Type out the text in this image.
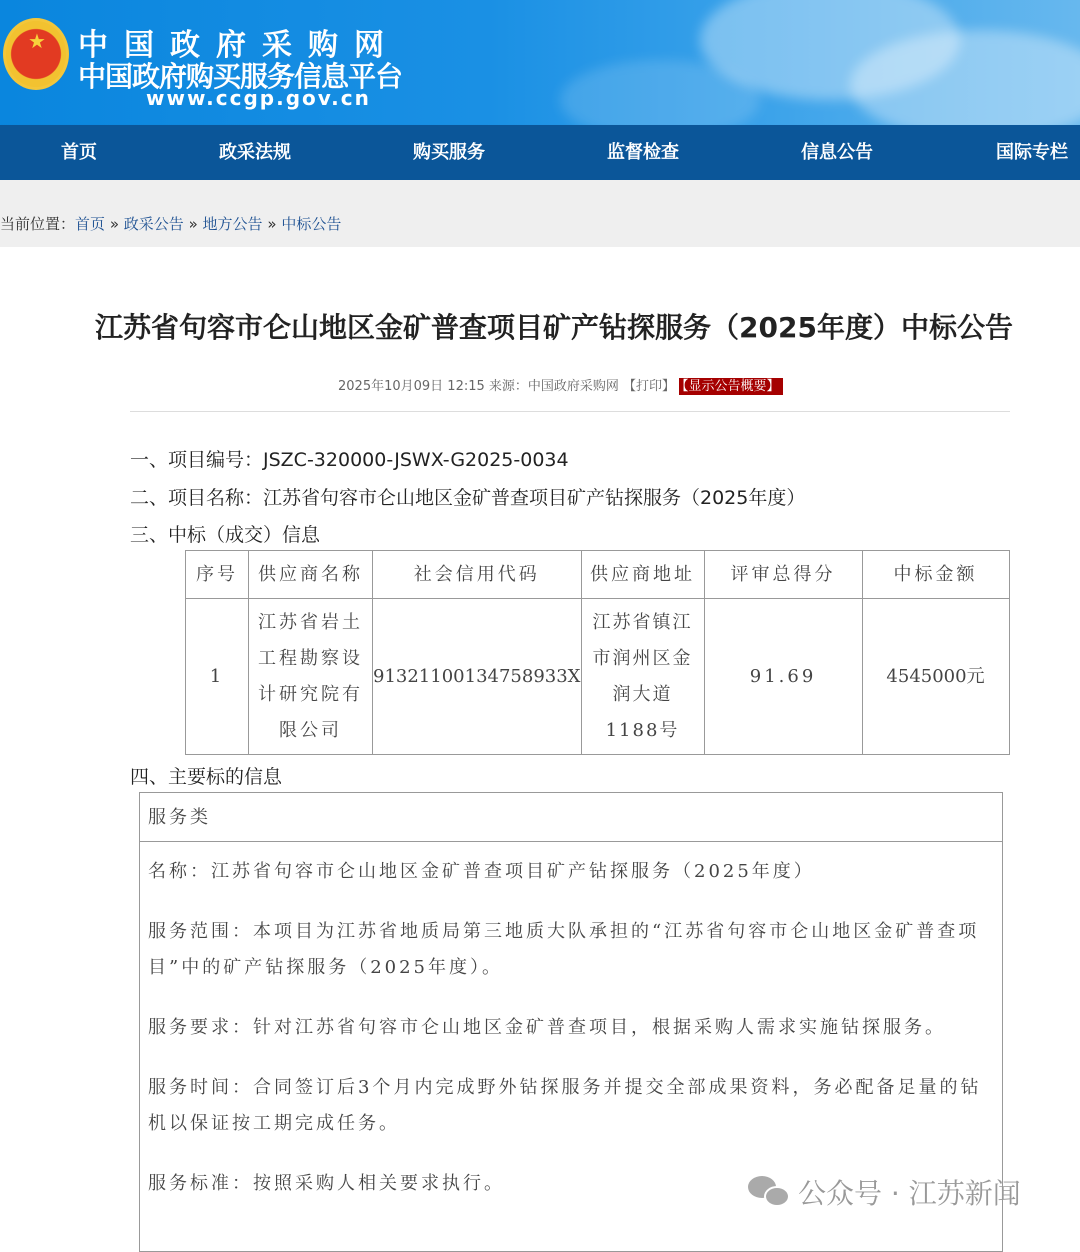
★ 中国政府采购网
中国政府购买服务信息平台
www.ccgp.gov.cn
首页	政采法规	购买服务	监督检查	信息公告	国际专栏
当前位置：首页 » 政采公告 » 地方公告 » 中标公告
江苏省句容市仑山地区金矿普查项目矿产钻探服务（2025年度）中标公告
2025年10月09日 12:15 来源：中国政府采购网 【打印】 【显示公告概要】
一、项目编号：JSZC-320000-JSWX-G2025-0034
二、项目名称：江苏省句容市仑山地区金矿普查项目矿产钻探服务（2025年度）
三、中标（成交）信息
序号	供应商名称	社会信用代码	供应商地址	评审总得分	中标金额
1	江苏省岩土工程勘察设计研究院有限公司	91321100134758933X	江苏省镇江市润州区金润大道1188号	91.69	4545000元
四、主要标的信息
服务类

名称：江苏省句容市仑山地区金矿普查项目矿产钻探服务（2025年度）

服务范围：本项目为江苏省地质局第三地质大队承担的“江苏省句容市仑山地区金矿普查项目”中的矿产钻探服务（2025年度）。

服务要求：针对江苏省句容市仑山地区金矿普查项目，根据采购人需求实施钻探服务。

服务时间：合同签订后3个月内完成野外钻探服务并提交全部成果资料，务必配备足量的钻机以保证按工期完成任务。

服务标准：按照采购人相关要求执行。	公众号 · 江苏新闻
